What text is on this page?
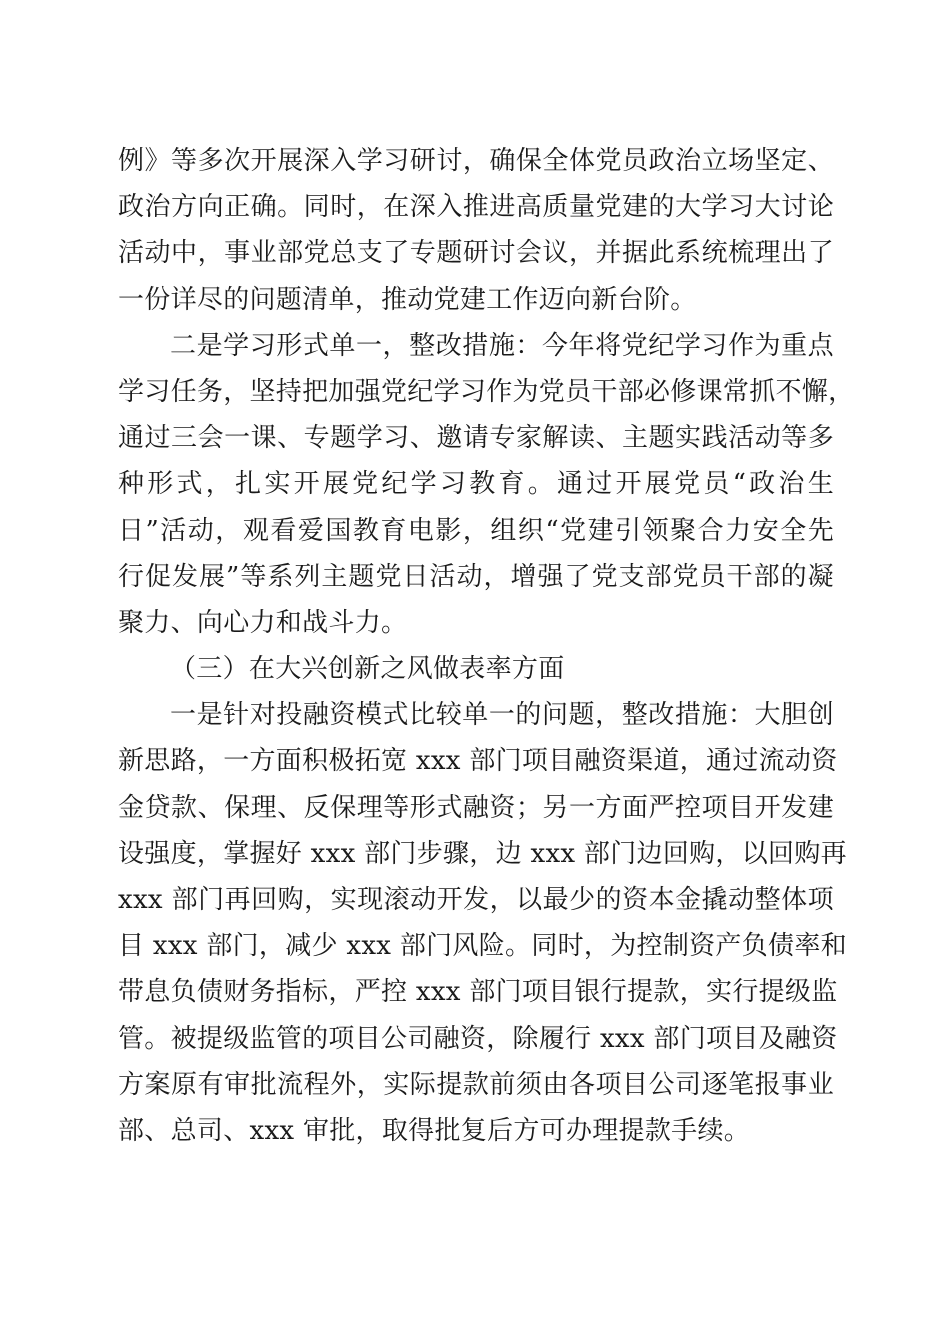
例》等多次开展深入学习研讨，确保全体党员政治立场坚定、
政治方向正确。同时，在深入推进高质量党建的大学习大讨论
活动中，事业部党总支了专题研讨会议，并据此系统梳理出了
一份详尽的问题清单，推动党建工作迈向新台阶。
二是学习形式单一，整改措施：今年将党纪学习作为重点
学习任务，坚持把加强党纪学习作为党员干部必修课常抓不懈，
通过三会一课、专题学习、邀请专家解读、主题实践活动等多
种形式，扎实开展党纪学习教育。通过开展党员“政治生
日”活动，观看爱国教育电影，组织“党建引领聚合力安全先
行促发展”等系列主题党日活动，增强了党支部党员干部的凝
聚力、向心力和战斗力。
（三）在大兴创新之风做表率方面
一是针对投融资模式比较单一的问题，整改措施：大胆创
新思路，一方面积极拓宽 xxx 部门项目融资渠道，通过流动资
金贷款、保理、反保理等形式融资；另一方面严控项目开发建
设强度，掌握好 xxx 部门步骤，边 xxx 部门边回购，以回购再
xxx 部门再回购，实现滚动开发，以最少的资本金撬动整体项
目 xxx 部门，减少 xxx 部门风险。同时，为控制资产负债率和
带息负债财务指标，严控 xxx 部门项目银行提款，实行提级监
管。被提级监管的项目公司融资，除履行 xxx 部门项目及融资
方案原有审批流程外，实际提款前须由各项目公司逐笔报事业
部、总司、xxx 审批，取得批复后方可办理提款手续。
